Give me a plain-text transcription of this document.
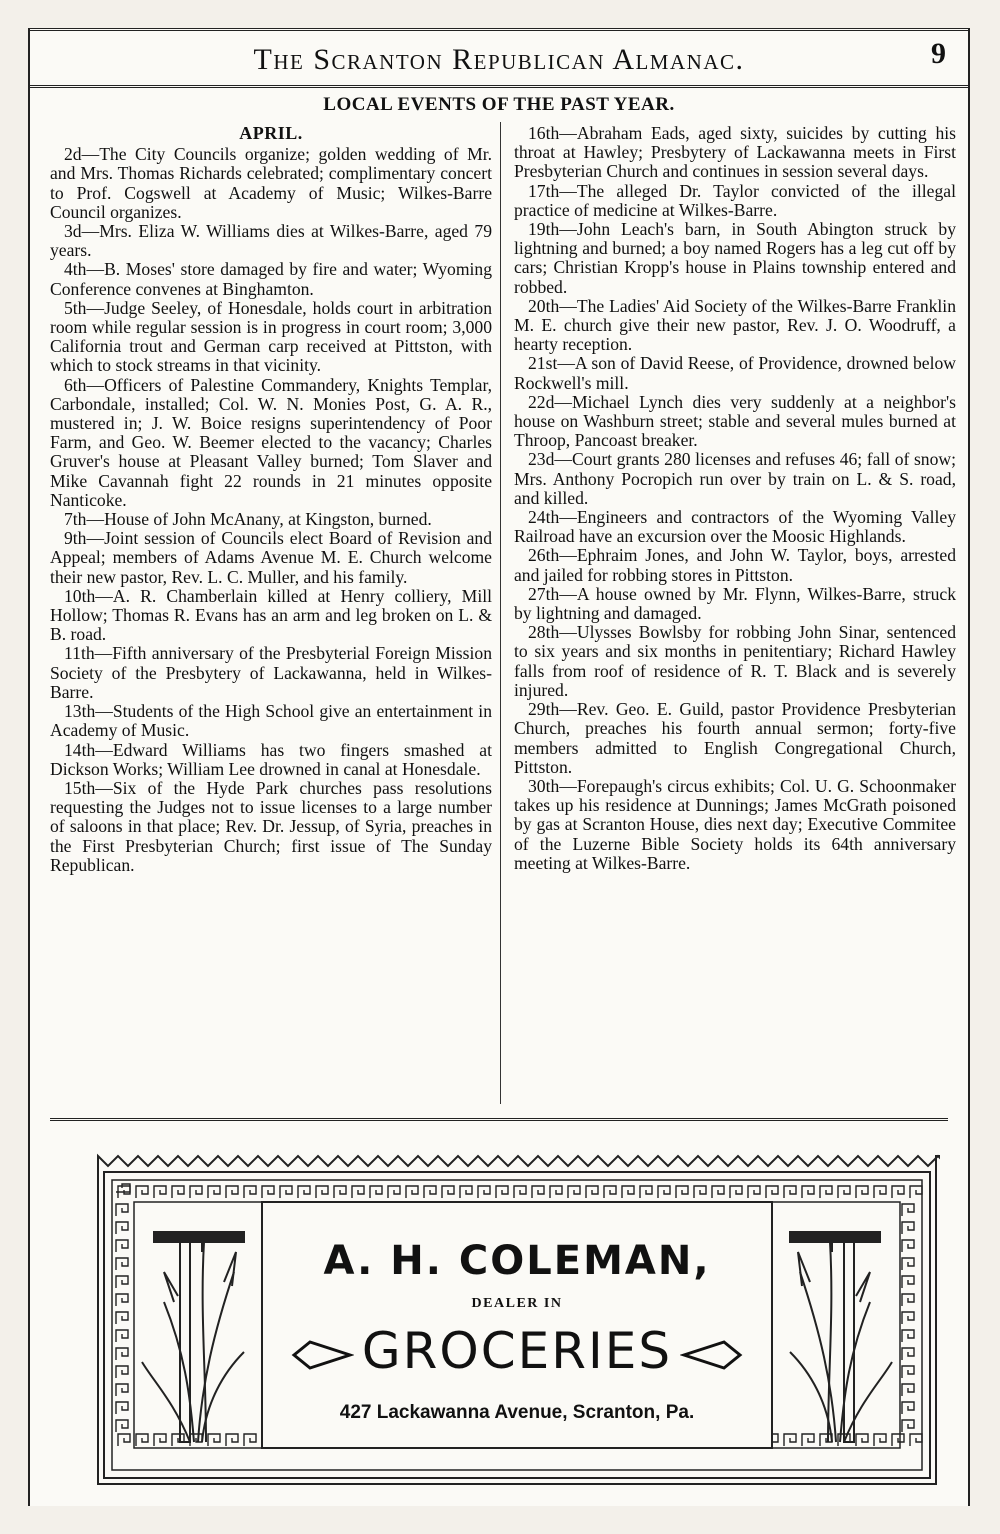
The Scranton Republican Almanac.	9
LOCAL EVENTS OF THE PAST YEAR.
APRIL.

2d—The City Councils organize; golden wedding of Mr. and Mrs. Thomas Richards celebrated; complimentary concert to Prof. Cogswell at Academy of Music; Wilkes-Barre Council organizes.

3d—Mrs. Eliza W. Williams dies at Wilkes-Barre, aged 79 years.

4th—B. Moses' store damaged by fire and water; Wyoming Conference convenes at Binghamton.

5th—Judge Seeley, of Honesdale, holds court in arbitration room while regular session is in progress in court room; 3,000 California trout and German carp received at Pittston, with which to stock streams in that vicinity.

6th—Officers of Palestine Commandery, Knights Templar, Carbondale, installed; Col. W. N. Monies Post, G. A. R., mustered in; J. W. Boice resigns superintendency of Poor Farm, and Geo. W. Beemer elected to the vacancy; Charles Gruver's house at Pleasant Valley burned; Tom Slaver and Mike Cavannah fight 22 rounds in 21 minutes opposite Nanticoke.

7th—House of John McAnany, at Kingston, burned.

9th—Joint session of Councils elect Board of Revision and Appeal; members of Adams Avenue M. E. Church welcome their new pastor, Rev. L. C. Muller, and his family.

10th—A. R. Chamberlain killed at Henry colliery, Mill Hollow; Thomas R. Evans has an arm and leg broken on L. & B. road.

11th—Fifth anniversary of the Presbyterial Foreign Mission Society of the Presbytery of Lackawanna, held in Wilkes-Barre.

13th—Students of the High School give an entertainment in Academy of Music.

14th—Edward Williams has two fingers smashed at Dickson Works; William Lee drowned in canal at Honesdale.

15th—Six of the Hyde Park churches pass resolutions requesting the Judges not to issue licenses to a large number of saloons in that place; Rev. Dr. Jessup, of Syria, preaches in the First Presbyterian Church; first issue of The Sunday Republican.

16th—Abraham Eads, aged sixty, suicides by cutting his throat at Hawley; Presbytery of Lackawanna meets in First Presbyterian Church and continues in session several days.

17th—The alleged Dr. Taylor convicted of the illegal practice of medicine at Wilkes-Barre.

19th—John Leach's barn, in South Abington struck by lightning and burned; a boy named Rogers has a leg cut off by cars; Christian Kropp's house in Plains township entered and robbed.

20th—The Ladies' Aid Society of the Wilkes-Barre Franklin M. E. church give their new pastor, Rev. J. O. Woodruff, a hearty reception.

21st—A son of David Reese, of Providence, drowned below Rockwell's mill.

22d—Michael Lynch dies very suddenly at a neighbor's house on Washburn street; stable and several mules burned at Throop, Pancoast breaker.

23d—Court grants 280 licenses and refuses 46; fall of snow; Mrs. Anthony Pocropich run over by train on L. & S. road, and killed.

24th—Engineers and contractors of the Wyoming Valley Railroad have an excursion over the Moosic Highlands.

26th—Ephraim Jones, and John W. Taylor, boys, arrested and jailed for robbing stores in Pittston.

27th—A house owned by Mr. Flynn, Wilkes-Barre, struck by lightning and damaged.

28th—Ulysses Bowlsby for robbing John Sinar, sentenced to six years and six months in penitentiary; Richard Hawley falls from roof of residence of R. T. Black and is severely injured.

29th—Rev. Geo. E. Guild, pastor Providence Presbyterian Church, preaches his fourth annual sermon; forty-five members admitted to English Congregational Church, Pittston.

30th—Forepaugh's circus exhibits; Col. U. G. Schoonmaker takes up his residence at Dunnings; James McGrath poisoned by gas at Scranton House, dies next day; Executive Commitee of the Luzerne Bible Society holds its 64th anniversary meeting at Wilkes-Barre.

A. H. COLEMAN,
DEALER IN
GROCERIES
427 Lackawanna Avenue, Scranton, Pa.
